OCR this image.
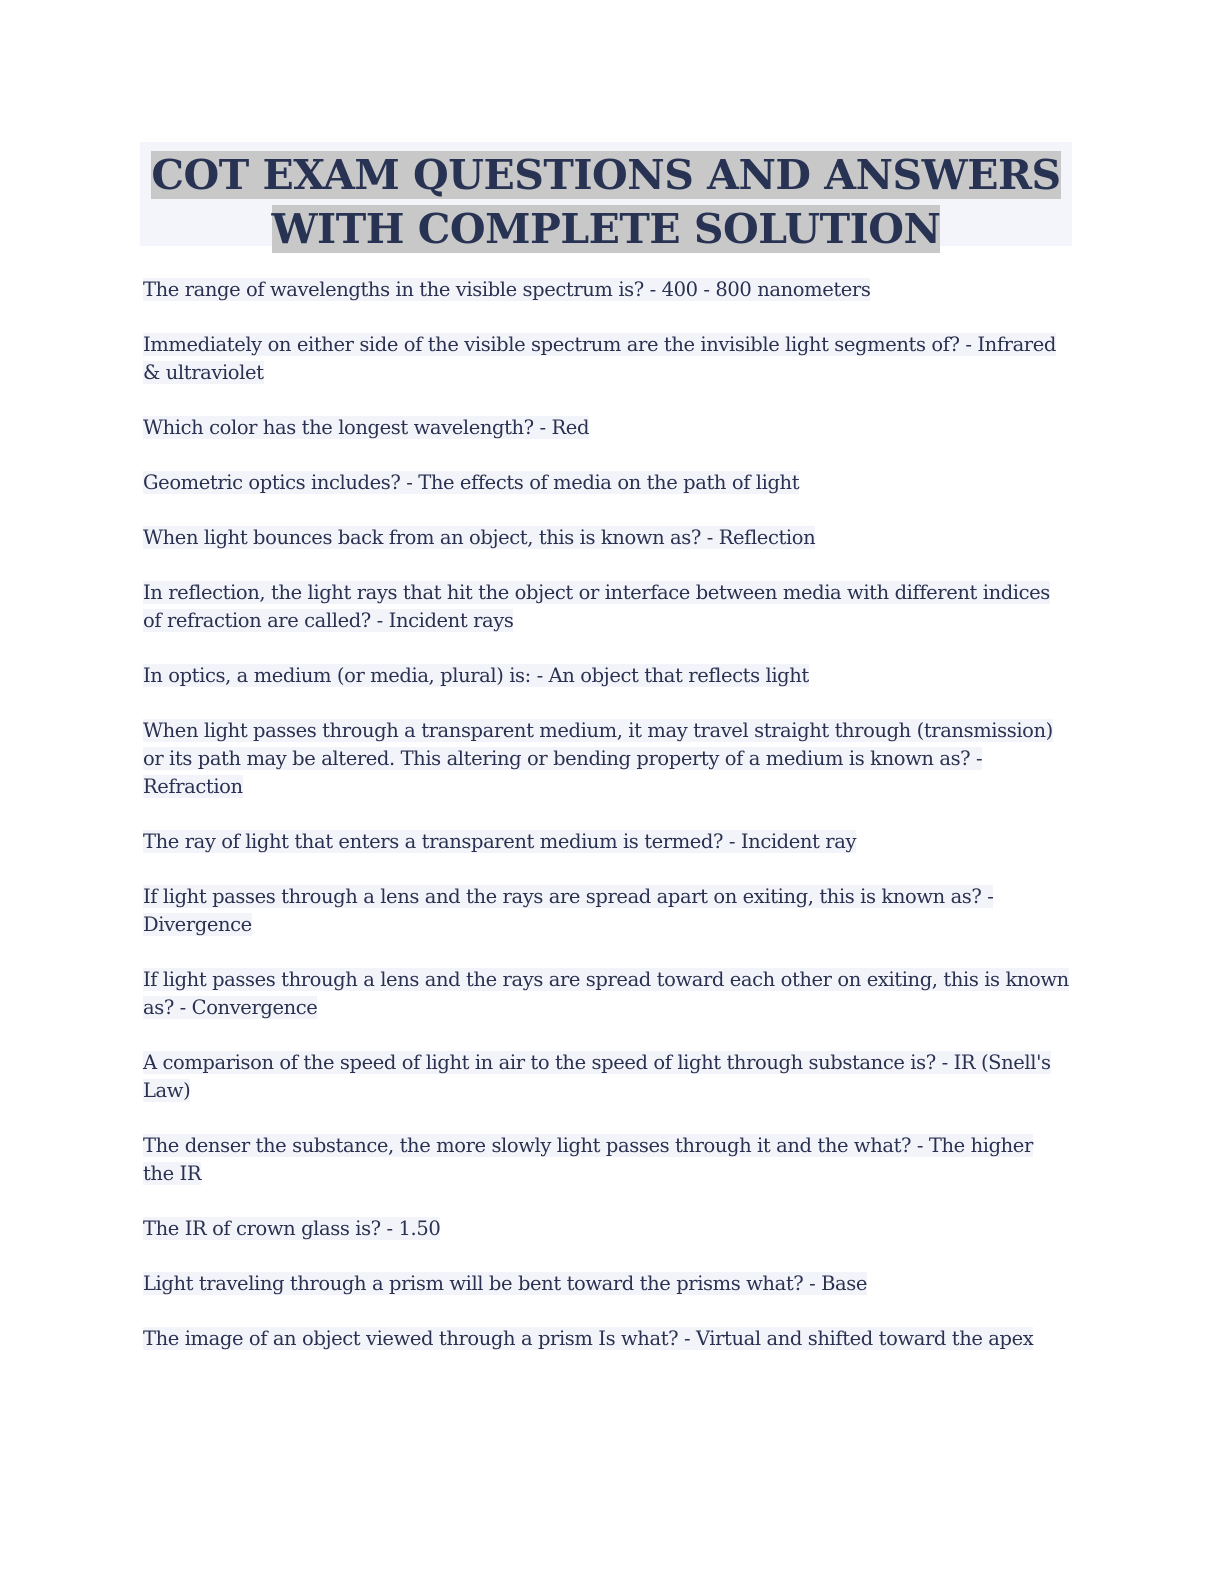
COT EXAM QUESTIONS AND ANSWERS
WITH COMPLETE SOLUTION

The range of wavelengths in the visible spectrum is? - 400 - 800 nanometers

Immediately on either side of the visible spectrum are the invisible light segments of? - Infrared & ultraviolet

Which color has the longest wavelength? - Red

Geometric optics includes? - The effects of media on the path of light

When light bounces back from an object, this is known as? - Reflection

In reflection, the light rays that hit the object or interface between media with different indices of refraction are called? - Incident rays

In optics, a medium (or media, plural) is: - An object that reflects light

When light passes through a transparent medium, it may travel straight through (transmission) or its path may be altered. This altering or bending property of a medium is known as? - Refraction

The ray of light that enters a transparent medium is termed? - Incident ray

If light passes through a lens and the rays are spread apart on exiting, this is known as? - Divergence

If light passes through a lens and the rays are spread toward each other on exiting, this is known as? - Convergence

A comparison of the speed of light in air to the speed of light through substance is? - IR (Snell's Law)

The denser the substance, the more slowly light passes through it and the what? - The higher the IR

The IR of crown glass is? - 1.50

Light traveling through a prism will be bent toward the prisms what? - Base

The image of an object viewed through a prism Is what? - Virtual and shifted toward the apex
